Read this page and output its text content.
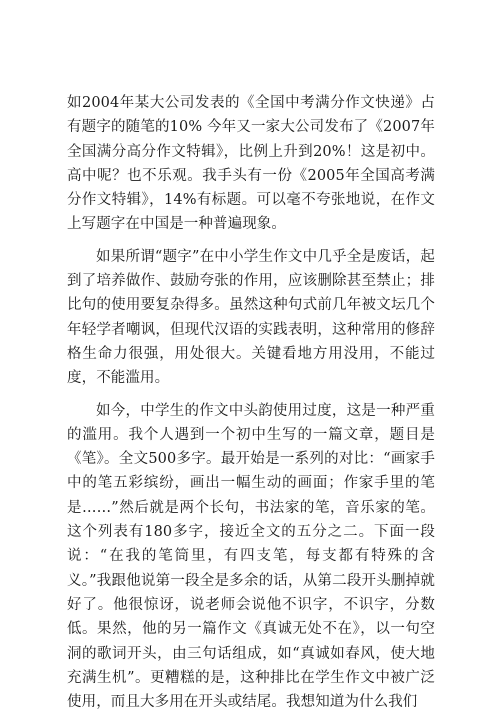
如2004年某大公司发表的《全国中考满分作文快递》占有题字的随笔的10% 今年又一家大公司发布了《2007年全国满分高分作文特辑》，比例上升到20%！这是初中。高中呢？也不乐观。我手头有一份《2005年全国高考满分作文特辑》，14%有标题。可以毫不夸张地说，在作文上写题字在中国是一种普遍现象。

如果所谓“题字”在中小学生作文中几乎全是废话，起到了培养做作、鼓励夸张的作用，应该删除甚至禁止；排比句的使用要复杂得多。虽然这种句式前几年被文坛几个年轻学者嘲讽，但现代汉语的实践表明，这种常用的修辞格生命力很强，用处很大。关键看地方用没用，不能过度，不能滥用。

如今，中学生的作文中头韵使用过度，这是一种严重的滥用。我个人遇到一个初中生写的一篇文章，题目是《笔》。全文500多字。最开始是一系列的对比：“画家手中的笔五彩缤纷，画出一幅生动的画面；作家手里的笔是……”然后就是两个长句，书法家的笔，音乐家的笔。这个列表有180多字，接近全文的五分之二。下面一段说：“在我的笔筒里，有四支笔，每支都有特殊的含义。”我跟他说第一段全是多余的话，从第二段开头删掉就好了。他很惊讶，说老师会说他不识字，不识字，分数低。果然，他的另一篇作文《真诚无处不在》，以一句空洞的歌词开头，由三句话组成，如“真诚如春风，使大地充满生机”。更糟糕的是，这种排比在学生作文中被广泛使用，而且大多用在开头或结尾。我想知道为什么我们
